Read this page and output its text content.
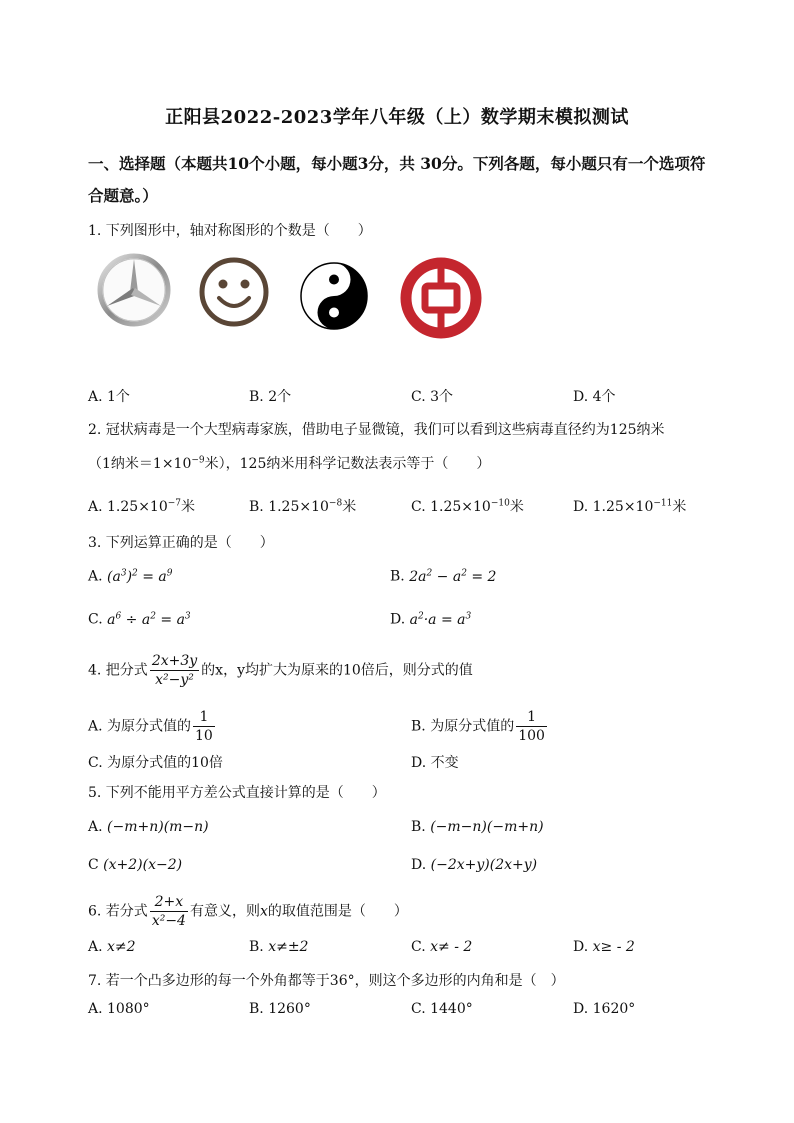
正阳县2022-2023学年八年级（上）数学期末模拟测试
一、选择题（本题共10个小题，每小题3分，共 30分。下列各题，每小题只有一个选项符合题意。）
1. 下列图形中，轴对称图形的个数是（　　）
A. 1个	B. 2个	C. 3个	D. 4个
2. 冠状病毒是一个大型病毒家族，借助电子显微镜，我们可以看到这些病毒直径约为125纳米
（1纳米$=1\times 10^{-9}$米），125纳米用科学记数法表示等于（　　）
A. $1.25\times 10^{-7}$米	B. $1.25\times 10^{-8}$米	C. $1.25\times 10^{-10}$米	D. $1.25\times 10^{-11}$米
3. 下列运算正确的是（　　）
A. $(a^3)^2 = a^9$	B. $2a^2 - a^2 = 2$
C. $a^6 \div a^2 = a^3$	D. $a^2\cdot a = a^3$
4. 把分式 $\frac{2x+3y}{\text{x²−y²}}$ 的x，y均扩大为原来的10倍后，则分式的值
A. 为原分式值的 $\frac{1}{10}$	B. 为原分式值的 $\frac{1}{100}$
C. 为原分式值的10倍	D. 不变
5. 下列不能用平方差公式直接计算的是（　　）
A. (−m+n)(m−n)	B. (−m−n)(−m+n)
C (x+2)(x−2)	D. (−2x+y)(2x+y)
6. 若分式 $\frac{2+x}{\text{x²−4}}$ 有意义，则x的取值范围是（　　）
A. x≠2	B. x≠±2	C. x≠ - 2	D. x≥ - 2
7. 若一个凸多边形的每一个外角都等于36°，则这个多边形的内角和是（　）
A. 1080°	B. 1260°	C. 1440°	D. 1620°
